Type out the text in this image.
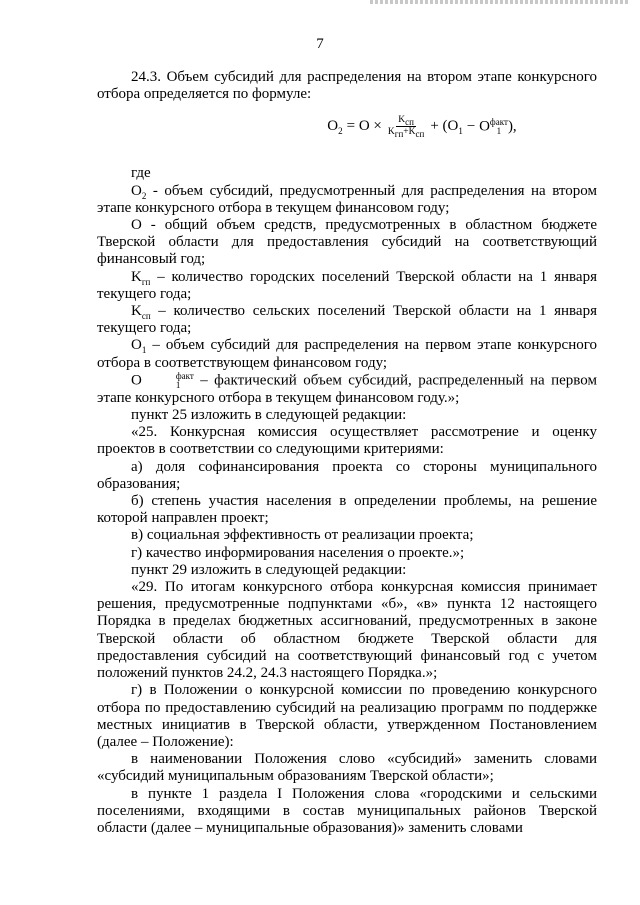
7

24.3. Объем субсидий для распределения на втором этапе конкурсного отбора определяется по формуле:

$O_2 = O \times \frac{K_{сп}}{K_{гп}+K_{сп}} + (O_1 - O$ факт
1 ),

где

$O_2$ - объем субсидий, предусмотренный для распределения на втором этапе конкурсного отбора в текущем финансовом году;

O - общий объем средств, предусмотренных в областном бюджете Тверской области для предоставления субсидий на соответствующий финансовый год;

$K_{гп}$ – количество городских поселений Тверской области на 1 января текущего года;

$K_{сп}$ – количество сельских поселений Тверской области на 1 января текущего года;

$O_1$ – объем субсидий для распределения на первом этапе конкурсного отбора в соответствующем финансовом году;

O	факт
1 – фактический объем субсидий, распределенный на первом этапе конкурсного отбора в текущем финансовом году.»;

пункт 25 изложить в следующей редакции:

«25. Конкурсная комиссия осуществляет рассмотрение и оценку проектов в соответствии со следующими критериями:

а) доля софинансирования проекта со стороны муниципального образования;

б) степень участия населения в определении проблемы, на решение которой направлен проект;

в) социальная эффективность от реализации проекта;

г) качество информирования населения о проекте.»;

пункт 29 изложить в следующей редакции:

«29. По итогам конкурсного отбора конкурсная комиссия принимает решения, предусмотренные подпунктами «б», «в» пункта 12 настоящего Порядка в пределах бюджетных ассигнований, предусмотренных в законе Тверской области об областном бюджете Тверской области для предоставления субсидий на соответствующий финансовый год с учетом положений пунктов 24.2, 24.3 настоящего Порядка.»;

г) в Положении о конкурсной комиссии по проведению конкурсного отбора по предоставлению субсидий на реализацию программ по поддержке местных инициатив в Тверской области, утвержденном Постановлением (далее – Положение):

в наименовании Положения слово «субсидий» заменить словами «субсидий муниципальным образованиям Тверской области»;

в пункте 1 раздела I Положения слова «городскими и сельскими поселениями, входящими в состав муниципальных районов Тверской области (далее – муниципальные образования)» заменить словами
